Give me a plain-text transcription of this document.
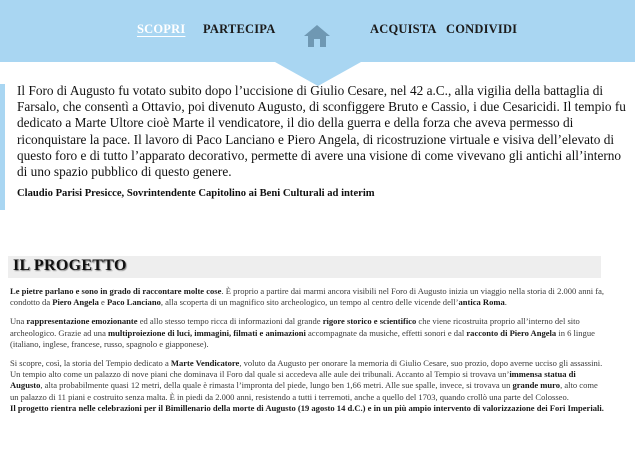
SCOPRI PARTECIPA	ACQUISTA CONDIVIDI

Il Foro di Augusto fu votato subito dopo l’uccisione di Giulio Cesare, nel 42 a.C., alla vigilia della battaglia di Farsalo, che consentì a Ottavio, poi divenuto Augusto, di sconfiggere Bruto e Cassio, i due Cesaricidi. Il tempio fu dedicato a Marte Ultore cioè Marte il vendicatore, il dio della guerra e della forza che aveva permesso di riconquistare la pace. Il lavoro di Paco Lanciano e Piero Angela, di ricostruzione virtuale e visiva dell’elevato di questo foro e di tutto l’apparato decorativo, permette di avere una visione di come vivevano gli antichi all’interno di uno spazio pubblico di questo genere.

Claudio Parisi Presicce, Sovrintendente Capitolino ai Beni Culturali ad interim

IL PROGETTO

Le pietre parlano e sono in grado di raccontare molte cose. È proprio a partire dai marmi ancora visibili nel Foro di Augusto inizia un viaggio nella storia di 2.000 anni fa, condotto da Piero Angela e Paco Lanciano, alla scoperta di un magnifico sito archeologico, un tempo al centro delle vicende dell’antica Roma.

Una rappresentazione emozionante ed allo stesso tempo ricca di informazioni dal grande rigore storico e scientifico che viene ricostruita proprio all’interno del sito archeologico. Grazie ad una multiproiezione di luci, immagini, filmati e animazioni accompagnate da musiche, effetti sonori e dal racconto di Piero Angela in 6 lingue (italiano, inglese, francese, russo, spagnolo e giapponese).

Si scopre, così, la storia del Tempio dedicato a Marte Vendicatore, voluto da Augusto per onorare la memoria di Giulio Cesare, suo prozio, dopo averne ucciso gli assassini. Un tempio alto come un palazzo di nove piani che dominava il Foro dal quale si accedeva alle aule dei tribunali. Accanto al Tempio si trovava un’immensa statua di Augusto, alta probabilmente quasi 12 metri, della quale è rimasta l’impronta del piede, lungo ben 1,66 metri. Alle sue spalle, invece, si trovava un grande muro, alto come un palazzo di 11 piani e costruito senza malta. È in piedi da 2.000 anni, resistendo a tutti i terremoti, anche a quello del 1703, quando crollò una parte del Colosseo.

Il progetto rientra nelle celebrazioni per il Bimillenario della morte di Augusto (19 agosto 14 d.C.) e in un più ampio intervento di valorizzazione dei Fori Imperiali.
